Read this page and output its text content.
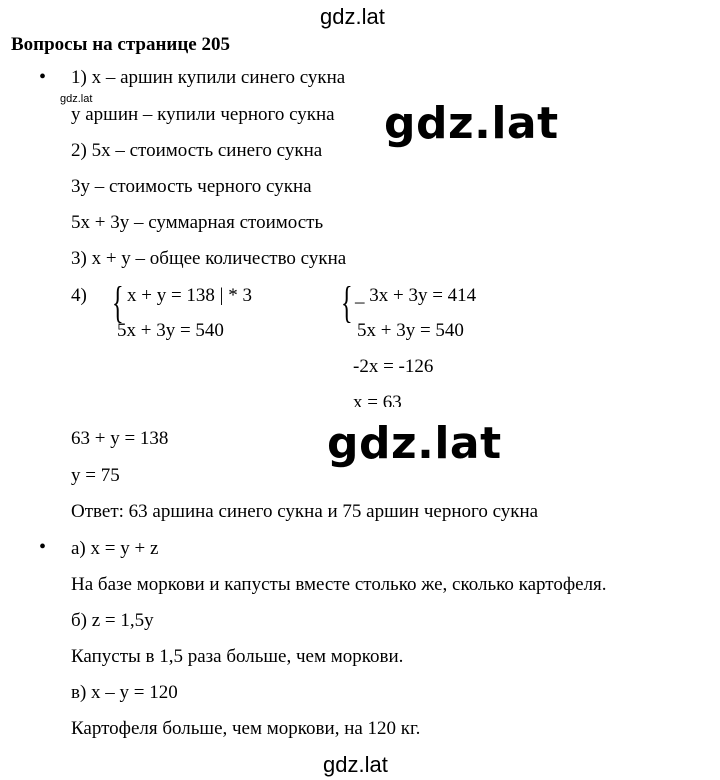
gdz.lat
gdz.lat	gdz.lat
gdz.lat
gdz.lat
Вопросы на странице 205
• 1) x – аршин купили синего сукна
y аршин – купили черного сукна
2) 5x – стоимость синего сукна
3y – стоимость черного сукна
5x + 3y – суммарная стоимость
3) x + y – общее количество сукна
4) { x + y = 138 | * 3
5x + 3y = 540
{ _ 3x + 3y = 414
5x + 3y = 540
-2x = -126
x = 63
63 + y = 138
y = 75
Ответ: 63 аршина синего сукна и 75 аршин черного сукна
• а) x = y + z
На базе моркови и капусты вместе столько же, сколько картофеля.
б) z = 1,5y
Капусты в 1,5 раза больше, чем моркови.
в) x – y = 120
Картофеля больше, чем моркови, на 120 кг.
